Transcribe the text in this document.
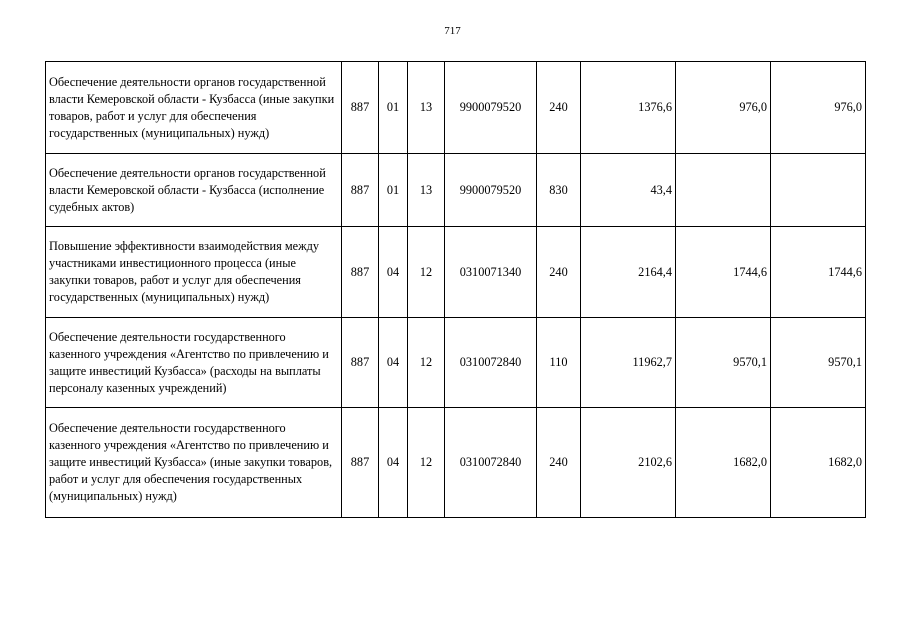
717
Обеспечение деятельности органов государственной власти Кемеровской области - Кузбасса (иные закупки товаров, работ и услуг для обеспечения государственных (муниципальных) нужд)	887	01	13	9900079520	240	1376,6	976,0	976,0
Обеспечение деятельности органов государственной власти Кемеровской области - Кузбасса (исполнение судебных актов)	887	01	13	9900079520	830	43,4		
Повышение эффективности взаимодействия между участниками инвестиционного процесса (иные закупки товаров, работ и услуг для обеспечения государственных (муниципальных) нужд)	887	04	12	0310071340	240	2164,4	1744,6	1744,6
Обеспечение деятельности государственного казенного учреждения «Агентство по привлечению и защите инвестиций Кузбасса» (расходы на выплаты персоналу казенных учреждений)	887	04	12	0310072840	110	11962,7	9570,1	9570,1
Обеспечение деятельности государственного казенного учреждения «Агентство по привлечению и защите инвестиций Кузбасса» (иные закупки товаров, работ и услуг для обеспечения государственных (муниципальных) нужд)	887	04	12	0310072840	240	2102,6	1682,0	1682,0
